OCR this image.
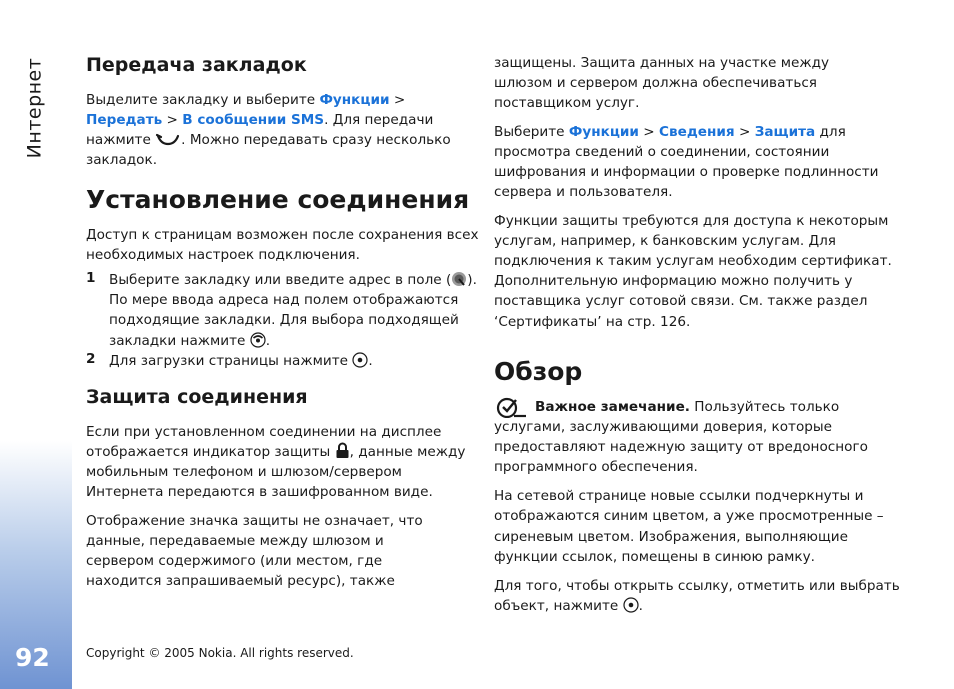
Интернет
92
Передача закладок

Выделите закладку и выберите Функции >

Передать > В сообщении SMS. Для передачи

нажмите . Можно передавать сразу несколько

закладок.

Установление соединения

Доступ к страницам возможен после сохранения всех

необходимых настроек подключения.

1 Выберите закладку или введите адрес в поле ( ).

По мере ввода адреса над полем отображаются

подходящие закладки. Для выбора подходящей

закладки нажмите .

2 Для загрузки страницы нажмите .

Защита соединения

Если при установленном соединении на дисплее

отображается индикатор защиты , данные между

мобильным телефоном и шлюзом/сервером

Интернета передаются в зашифрованном виде.

Отображение значка защиты не означает, что

данные, передаваемые между шлюзом и

сервером содержимого (или местом, где

находится запрашиваемый ресурс), также

защищены. Защита данных на участке между

шлюзом и сервером должна обеспечиваться

поставщиком услуг.

Выберите Функции > Сведения > Защита для

просмотра сведений о соединении, состоянии

шифрования и информации о проверке подлинности

сервера и пользователя.

Функции защиты требуются для доступа к некоторым

услугам, например, к банковским услугам. Для

подключения к таким услугам необходим сертификат.

Дополнительную информацию можно получить у

поставщика услуг сотовой связи. См. также раздел

‘Сертификаты’ на стр. 126.

Обзор

Важное замечание. Пользуйтесь только

услугами, заслуживающими доверия, которые

предоставляют надежную защиту от вредоносного

программного обеспечения.

На сетевой странице новые ссылки подчеркнуты и

отображаются синим цветом, а уже просмотренные –

сиреневым цветом. Изображения, выполняющие

функции ссылок, помещены в синюю рамку.

Для того, чтобы открыть ссылку, отметить или выбрать

объект, нажмите .

Copyright © 2005 Nokia. All rights reserved.
